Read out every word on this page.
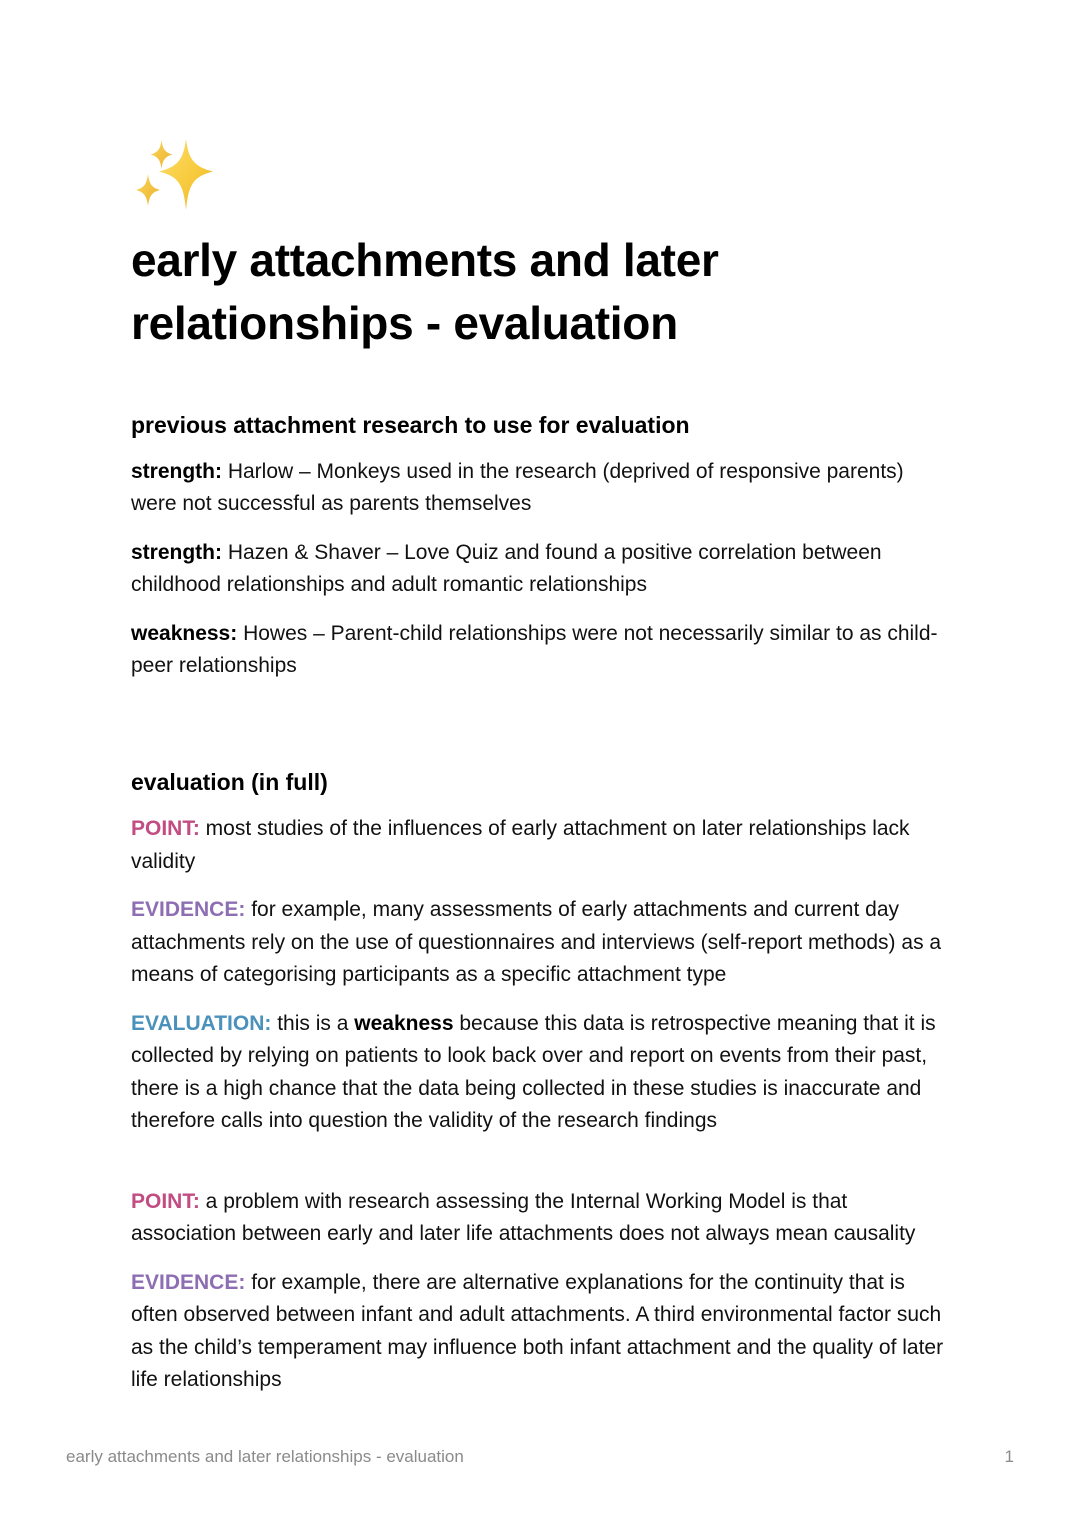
early attachments and later relationships - evaluation
previous attachment research to use for evaluation

strength: Harlow – Monkeys used in the research (deprived of responsive parents) were not successful as parents themselves

strength: Hazen & Shaver – Love Quiz and found a positive correlation between childhood relationships and adult romantic relationships

weakness: Howes – Parent-child relationships were not necessarily similar to as child-peer relationships

evaluation (in full)

POINT: most studies of the influences of early attachment on later relationships lack validity

EVIDENCE: for example, many assessments of early attachments and current day attachments rely on the use of questionnaires and interviews (self-report methods) as a means of categorising participants as a specific attachment type

EVALUATION: this is a weakness because this data is retrospective meaning that it is collected by relying on patients to look back over and report on events from their past, there is a high chance that the data being collected in these studies is inaccurate and therefore calls into question the validity of the research findings

POINT: a problem with research assessing the Internal Working Model is that association between early and later life attachments does not always mean causality

EVIDENCE: for example, there are alternative explanations for the continuity that is often observed between infant and adult attachments. A third environmental factor such as the child’s temperament may influence both infant attachment and the quality of later life relationships

early attachments and later relationships - evaluation	1
